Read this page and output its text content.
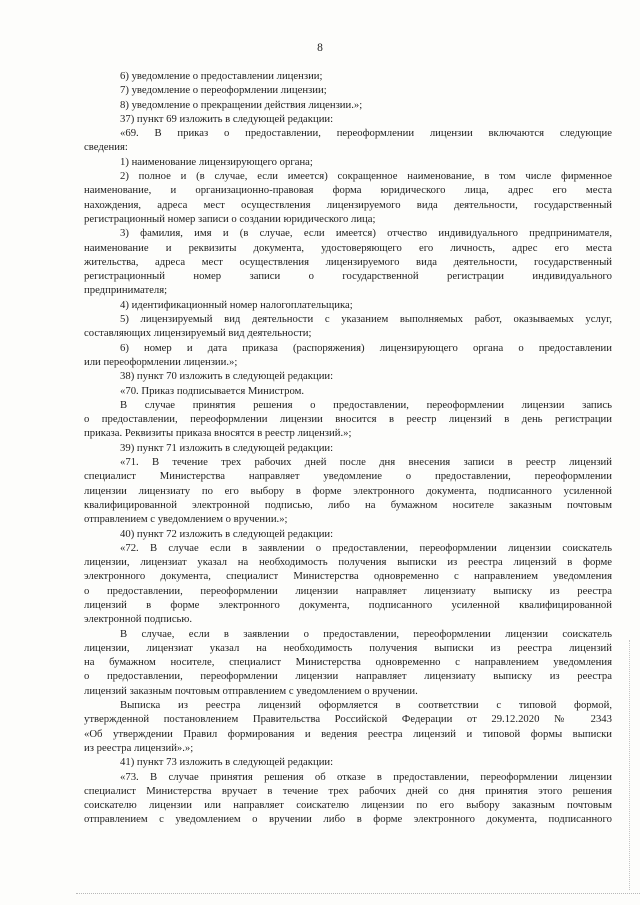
8
6) уведомление о предоставлении лицензии;
7) уведомление о переоформлении лицензии;
8) уведомление о прекращении действия лицензии.»;
37) пункт 69 изложить в следующей редакции:
«69. В приказ о предоставлении, переоформлении лицензии включаются следующие
сведения:
1) наименование лицензирующего органа;
2) полное и (в случае, если имеется) сокращенное наименование, в том числе фирменное
наименование, и организационно-правовая форма юридического лица, адрес его места
нахождения, адреса мест осуществления лицензируемого вида деятельности, государственный
регистрационный номер записи о создании юридического лица;
3) фамилия, имя и (в случае, если имеется) отчество индивидуального предпринимателя,
наименование и реквизиты документа, удостоверяющего его личность, адрес его места
жительства, адреса мест осуществления лицензируемого вида деятельности, государственный
регистрационный номер записи о государственной регистрации индивидуального
предпринимателя;
4) идентификационный номер налогоплательщика;
5) лицензируемый вид деятельности с указанием выполняемых работ, оказываемых услуг,
составляющих лицензируемый вид деятельности;
6) номер и дата приказа (распоряжения) лицензирующего органа о предоставлении
или переоформлении лицензии.»;
38) пункт 70 изложить в следующей редакции:
«70. Приказ подписывается Министром.
В случае принятия решения о предоставлении, переоформлении лицензии запись
о предоставлении, переоформлении лицензии вносится в реестр лицензий в день регистрации
приказа. Реквизиты приказа вносятся в реестр лицензий.»;
39) пункт 71 изложить в следующей редакции:
«71. В течение трех рабочих дней после дня внесения записи в реестр лицензий
специалист Министерства направляет уведомление о предоставлении, переоформлении
лицензии лицензиату по его выбору в форме электронного документа, подписанного усиленной
квалифицированной электронной подписью, либо на бумажном носителе заказным почтовым
отправлением с уведомлением о вручении.»;
40) пункт 72 изложить в следующей редакции:
«72. В случае если в заявлении о предоставлении, переоформлении лицензии соискатель
лицензии, лицензиат указал на необходимость получения выписки из реестра лицензий в форме
электронного документа, специалист Министерства одновременно с направлением уведомления
о предоставлении, переоформлении лицензии направляет лицензиату выписку из реестра
лицензий в форме электронного документа, подписанного усиленной квалифицированной
электронной подписью.
В случае, если в заявлении о предоставлении, переоформлении лицензии соискатель
лицензии, лицензиат указал на необходимость получения выписки из реестра лицензий
на бумажном носителе, специалист Министерства одновременно с направлением уведомления
о предоставлении, переоформлении лицензии направляет лицензиату выписку из реестра
лицензий заказным почтовым отправлением с уведомлением о вручении.
Выписка из реестра лицензий оформляется в соответствии с типовой формой,
утвержденной постановлением Правительства Российской Федерации от 29.12.2020 № 2343
«Об утверждении Правил формирования и ведения реестра лицензий и типовой формы выписки
из реестра лицензий».»;
41) пункт 73 изложить в следующей редакции:
«73. В случае принятия решения об отказе в предоставлении, переоформлении лицензии
специалист Министерства вручает в течение трех рабочих дней со дня принятия этого решения
соискателю лицензии или направляет соискателю лицензии по его выбору заказным почтовым
отправлением с уведомлением о вручении либо в форме электронного документа, подписанного
